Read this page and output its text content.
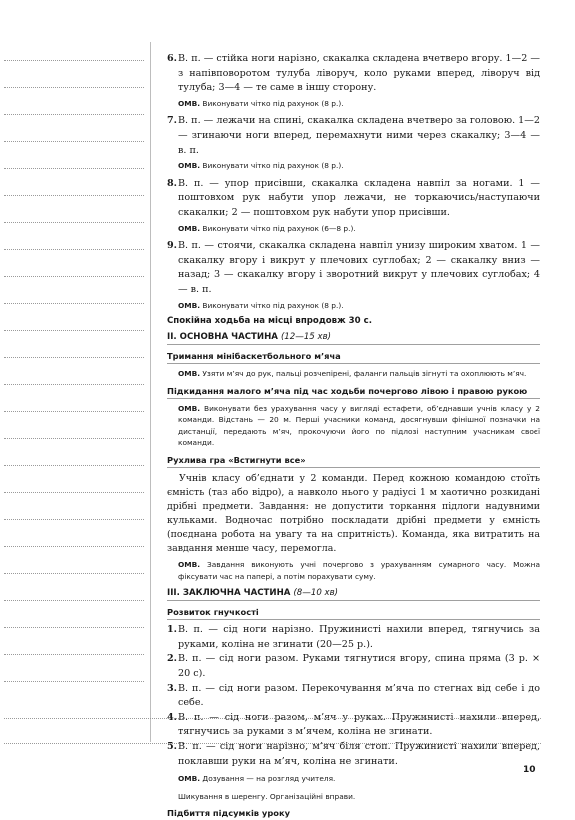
6. В. п. — стійка ноги нарізно, скакалка складена вчетверо вгору. 1—2 — з напівповоротом тулуба ліворуч, коло руками вперед, ліворуч від тулуба; 3—4 — те саме в іншу сторону.
ОМВ. Виконувати чітко під рахунок (8 р.).
7. В. п. — лежачи на спині, скакалка складена вчетверо за головою. 1—2 — згинаючи ноги вперед, перемахнути ними через скакалку; 3—4 — в. п.
ОМВ. Виконувати чітко під рахунок (8 р.).
8. В. п. — упор присівши, скакалка складена навпіл за ногами. 1 — поштовхом рук набути упор лежачи, не торкаючись/наступаючи скакалки; 2 — поштовхом рук набути упор присівши.
ОМВ. Виконувати чітко під рахунок (6—8 р.).
9. В. п. — стоячи, скакалка складена навпіл унизу широким хватом. 1 — скакалку вгору і викрут у плечових суглобах; 2 — скакалку вниз — назад; 3 — скакалку вгору і зворотний викрут у плечових суглобах; 4 — в. п.
ОМВ. Виконувати чітко під рахунок (8 р.).
Спокійна ходьба на місці впродовж 30 с.
II. ОСНОВНА ЧАСТИНА (12—15 хв)
Тримання мінібаскетбольного м’яча
ОМВ. Узяти м’яч до рук, пальці розчепірені, фаланги пальців зігнуті та охоплюють м’яч.
Підкидання малого м’яча під час ходьби почергово лівою і правою рукою
ОМВ. Виконувати без урахування часу у вигляді естафети, об’єднавши учнів класу у 2 команди. Відстань — 20 м. Перші учасники команд, досягнувши фінішної позначки на дистанції, передають м’яч, прокочуючи його по підлозі наступним учасникам своєї команди.
Рухлива гра «Встигнути все»
Учнів класу об’єднати у 2 команди. Перед кожною командою стоїть ємність (таз або відро), а навколо нього у радіусі 1 м хаотично розкидані дрібні предмети. Завдання: не допустити торкання підлоги надувними кульками. Водночас потрібно поскладати дрібні предмети у ємність (поєднана робота на увагу та на спритність). Команда, яка витратить на завдання менше часу, перемогла.
ОМВ. Завдання виконують учні почергово з урахуванням сумарного часу. Можна фіксувати час на папері, а потім порахувати суму.
III. ЗАКЛЮЧНА ЧАСТИНА (8—10 хв)
Розвиток гнучкості
1. В. п. — сід ноги нарізно. Пружинисті нахили вперед, тягнучись за руками, коліна не згинати (20—25 р.).
2. В. п. — сід ноги разом. Руками тягнутися вгору, спина пряма (3 р. × 20 с).
3. В. п. — сід ноги разом. Перекочування м’яча по стегнах від себе і до себе.
4. В. п. — сід ноги разом, м’яч у руках. Пружинисті нахили вперед, тягнучись за руками з м’ячем, коліна не згинати.
5. В. п. — сід ноги нарізно, м’яч біля стоп. Пружинисті нахили вперед, поклавши руки на м’яч, коліна не згинати.
ОМВ. Дозування — на розгляд учителя.
Шикування в шеренгу. Організаційні вправи.
Підбиття підсумків уроку
10
